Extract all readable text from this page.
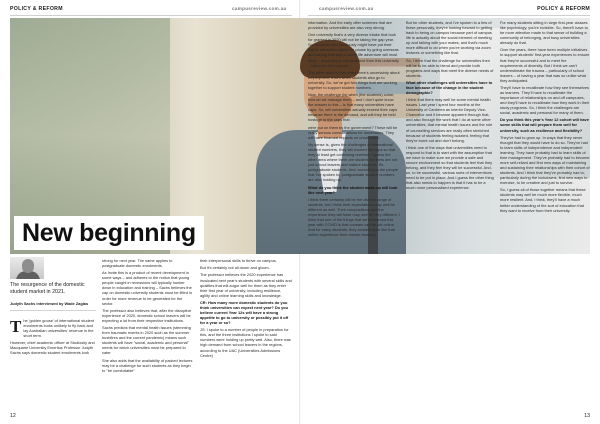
POLICY & REFORM	campusreview.com.au	campusreview.com.au	POLICY & REFORM
New beginning
The resurgence of the domestic student market in 2021.
Judyth Sachs interviewed by Wade Zaglas

The 'golden goose' of international student enrolments looks unlikely to fly back and lay Australian universities' revenue in the short term.

However, chief academic officer at Studiosity and Macquarie University Emeritus Professor Judyth Sachs says domestic student enrolments look

strong for next year. The same applies to postgraduate domestic enrolments.

As Invite this is a product of recent development in some ways – and adheres to the notion that young people caught in recessions will typically hunker down in education and training – Sachs believes the cap on domestic university students must be lifted in order for more revenue to be generated for the sector.

The professor also believes that, after the disruptive experience of 2020, domestic school leavers will be expecting a lot from their respective institutions.

Sachs predicts that mental health issues (stemming from traumatic events in 2020 such as the summer bushfires and the current pandemic) means such students will have "social, academic and personal" needs for which universities must be prepared to cater.

She also adds that the availability of packed lectures may be a challenge for such students as they begin to "be comfortable"

their interpersonal skills to thrive on campus.

But it's certainly not all doom and gloom.

The professor believes the 2020 experience has inculcated next year's students with several skills and qualities that will augur well for them as they enter their first year of university, including resilience, agility and online learning skills and knowledge.

CR: How many more domestic students do you think universities can expect next year? Do you believe current Year 12s will have a strong appetite to go to university or possibly put it off for a year or so?

JS: I spoke to a number of people in preparation for this, and the three institutions I spoke to said numbers were holding up pretty well. Also, there was high demand from school leavers in the regions, according to the UAC (Universities Admissions Centre)

information. And the early offer schemes that are provided by universities are also very strong.

One university that's a very diverse intake that took for granted in 2020 will not be taking the gap year. So, students who previously might have put their higher education career on pause by going overseas and having that sort of world life adventure will most likely – according to the evidence from this university – follow on from school.

The other point is that when there's uncertainty about employment, that's when students also go to university. So, we've got two things that are working together to support student numbers.

Now, the challenge (is) when (the students) come, how do we manage them – and I don't quite know the answer to this – is that many universities have caps. So, will universities actually exceed their caps because there is the demand, and will they be held hostage to the caps that

were put on them by the government? These will be really serious considerations for universities. They will have financial impacts on universities.

My sense is, given the challenges of international student numbers, they will exceed the caps so that they at least get continuing revenue. I guess the other area where there are student numbers are not just school leavers and mature students, it's postgraduate students. And, according to the people that I've spoken to, postgraduate student numbers are also holding up.

What do you think the student make-up will look like next year?

I think there certainly will be the diverse range of students, but I think their expectations may well be different as well. Their compositions and the experience they will have may well be very different. I think that one of the things that we've learned this year with COVID is that courses can be put online. And for many students, they actually quite like that online experience from remote learning.

But for other students, and I've spoken to a few of these personally, they're looking forward to getting back to being on campus because part of campus life is actually about the social element of meeting up and talking with your mates, and that's much more difficult to do when you're working via zoom lectures or something like that.

So, I think that the challenge for universities then will be to be able to blend and provide both programs and ways that meet the diverse needs of students.

What other challenges will universities have to face because of the change in the student demographic?

I think that there may well be some mental health issues. Last year I spent four months at the University of Canberra as Interim Deputy Vice-Chancellor and it became apparent through that, and also through the work that I do at some other universities, that mental health issues and the role of counselling services are really often stretched because of students feeling isolated, feeling that they're burnt out and don't belong.

I think one of the ways that universities need to respond to that is to start with the assumption that we have to make sure we provide a safe and secure environment so that students feel that they belong, and they feel they will be successful. And, so, to be successful, various sorts of interventions need to be put in place. And I guess the other thing that also needs to happen is that it has to be a much more personalised experience.

For many students sitting in large first-year classes like psychology, you're invisible. So, there'll have to be more attention made to that sense of building a community of belonging, and busy universities already do that.

Over the years, there have been multiple initiatives to support students' first-year experiences to ensure that they're successful and to meet the requirements of diversity. But I think we can't underestimate the trauma – particularly of school leavers – of having a year that was so unlike what they anticipated.

They'll have to recalibrate how they see themselves as learners. They'll have to recalibrate the importance of relationships on and off campuses, and they'll have to recalibrate how they work in their study programs. So, I think the challenges are social, academic and personal for many of them.

Do you think this year's Year 12 cohort will have some skills that will prepare them well for university, such as resilience and flexibility?

They've had to grow up. In ways that they never thought that they would have to do so. They've had to learn skills of independence and independent learning. They have probably had to learn skills of time management. They've probably had to become more self-reliant and find new ways of maintaining and sustaining their relationships with their cohort of students. And I think that they've probably had to, particularly during the lockdowns, find new ways to exercise, to be creative and just to survive.

So, I guess all of those together means that these students may well be much more flexible, much more resilient. And, I think, they'll have a much better understanding of the sort of education that they want to receive from their university.

12	13
